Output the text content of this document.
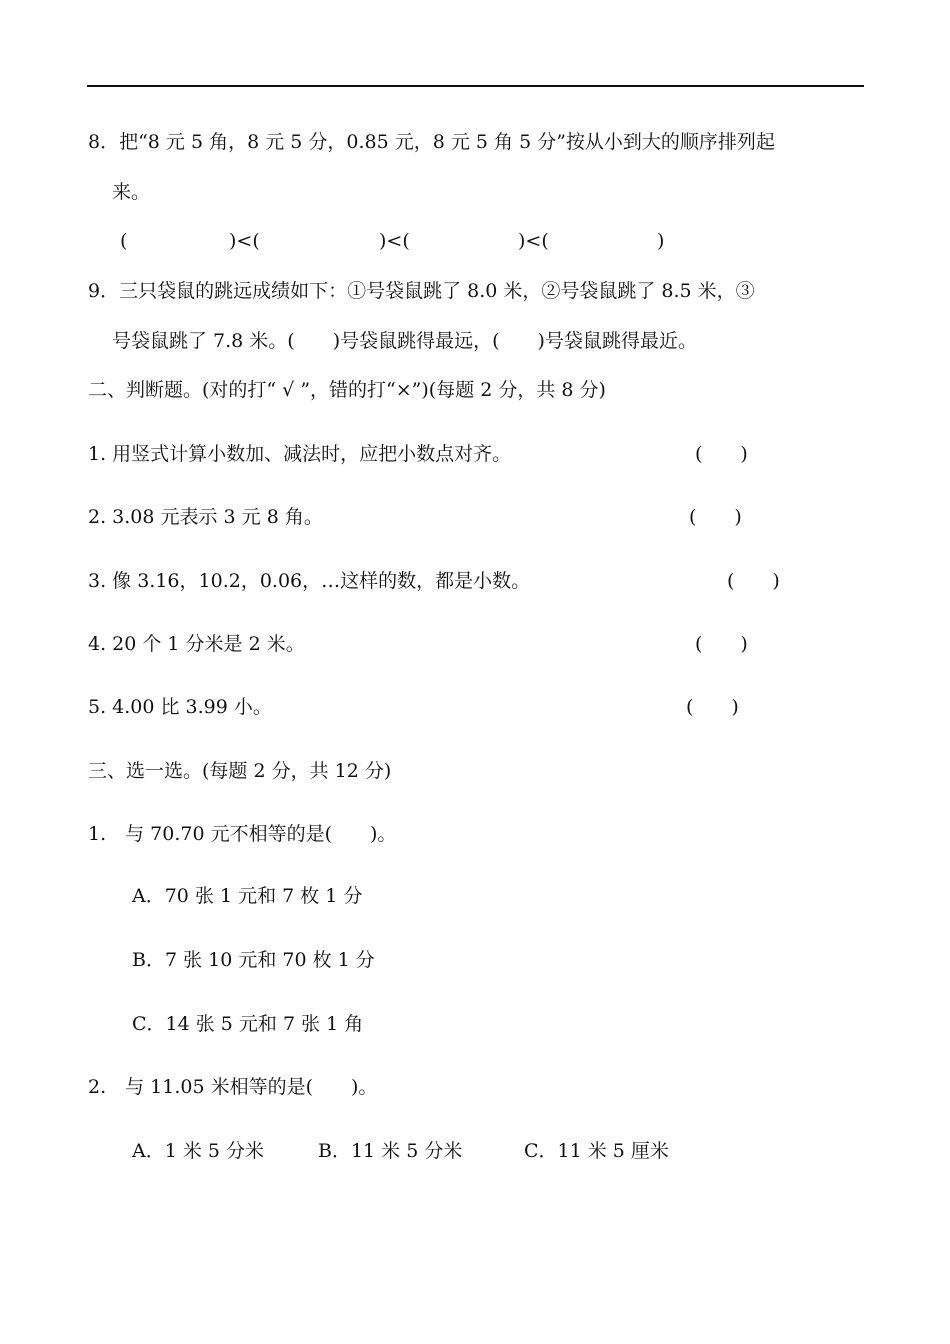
8．把“8 元 5 角，8 元 5 分，0.85 元，8 元 5 角 5 分”按从小到大的顺序排列起
来。
(	)<(	)<(	)<(	)
9．三只袋鼠的跳远成绩如下：①号袋鼠跳了 8.0 米，②号袋鼠跳了 8.5 米，③
号袋鼠跳了 7.8 米。(　　)号袋鼠跳得最远，(　　)号袋鼠跳得最近。
二、判断题。(对的打“ √ ”，错的打“×”)(每题 2 分，共 8 分)
1. 用竖式计算小数加、减法时，应把小数点对齐。	(　　)
2. 3.08 元表示 3 元 8 角。	(　　)
3. 像 3.16，10.2，0.06，…这样的数，都是小数。	(　　)
4. 20 个 1 分米是 2 米。	(　　)
5. 4.00 比 3.99 小。	(　　)
三、选一选。(每题 2 分，共 12 分)
1.　与 70.70 元不相等的是(　　)。
A．70 张 1 元和 7 枚 1 分
B．7 张 10 元和 70 枚 1 分
C．14 张 5 元和 7 张 1 角
2.　与 11.05 米相等的是(　　)。
A．1 米 5 分米	B．11 米 5 分米	C．11 米 5 厘米
